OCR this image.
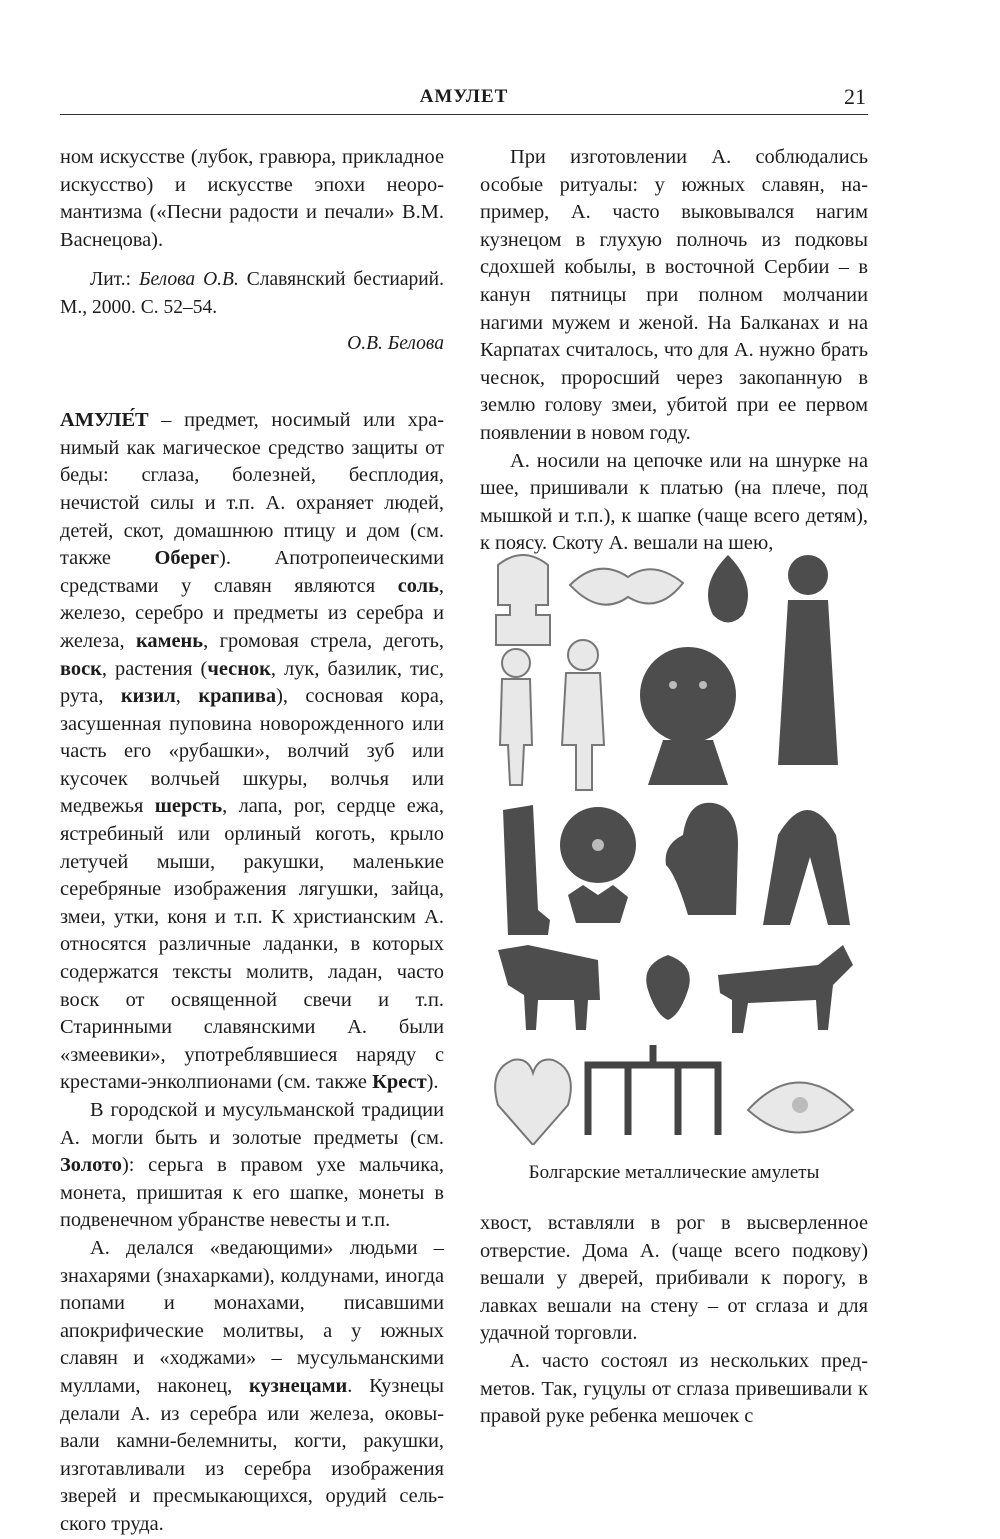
АМУЛЕТ	21

ном искусстве (лубок, гравюра, прикладное искусство) и искусстве эпохи неоромантизма («Песни радости и печали» В.М. Васнецова).

Лит.: Белова О.В. Славянский бестиарий. М., 2000. С. 52–54.

О.В. Белова

АМУЛЕ́Т – предмет, носимый или хранимый как магическое средство защиты от беды: сглаза, болезней, бесплодия, нечистой силы и т.п. А. охраняет людей, детей, скот, домашнюю птицу и дом (см. также Оберег). Апотропеическими средствами у славян являются соль, железо, серебро и предметы из серебра и железа, камень, громовая стрела, деготь, воск, растения (чеснок, лук, базилик, тис, рута, кизил, крапива), сосновая кора, засушенная пуповина новорожденного или часть его «рубашки», волчий зуб или кусочек волчьей шкуры, волчья или медвежья шерсть, лапа, рог, сердце ежа, ястребиный или орлиный коготь, крыло летучей мыши, ракушки, маленькие серебряные изображения лягушки, зайца, змеи, утки, коня и т.п. К христианским А. относятся различные ладанки, в которых содержатся тексты молитв, ладан, часто воск от освященной свечи и т.п. Старинными славянскими А. были «змеевики», употреблявшиеся наряду с крестами-энколпионами (см. также Крест).

В городской и мусульманской традиции А. могли быть и золотые предметы (см. Золото): серьга в правом ухе мальчика, монета, пришитая к его шапке, монеты в подвенечном убранстве невесты и т.п.

А. делался «ведающими» людьми – знахарями (знахарками), колдунами, иногда попами и монахами, писавшими апокрифические молитвы, а у южных славян и «ходжами» – мусульманскими муллами, наконец, кузнецами. Кузнецы делали А. из серебра или железа, оковывали камни-белемниты, когти, ракушки, изготавливали из серебра изображения зверей и пресмыкающихся, орудий сельского труда.

При изготовлении А. соблюдались особые ритуалы: у южных славян, например, А. часто выковывался нагим кузнецом в глухую полночь из подковы сдохшей кобылы, в восточной Сербии – в канун пятницы при полном молчании нагими мужем и женой. На Балканах и на Карпатах считалось, что для А. нужно брать чеснок, проросший через закопанную в землю голову змеи, убитой при ее первом появлении в новом году.

А. носили на цепочке или на шнурке на шее, пришивали к платью (на плече, под мышкой и т.п.), к шапке (чаще всего детям), к поясу. Скоту А. вешали на шею,

Болгарские металлические амулеты

хвост, вставляли в рог в высверленное отверстие. Дома А. (чаще всего подкову) вешали у дверей, прибивали к порогу, в лавках вешали на стену – от сглаза и для удачной торговли.

А. часто состоял из нескольких предметов. Так, гуцулы от сглаза привешивали к правой руке ребенка мешочек с
